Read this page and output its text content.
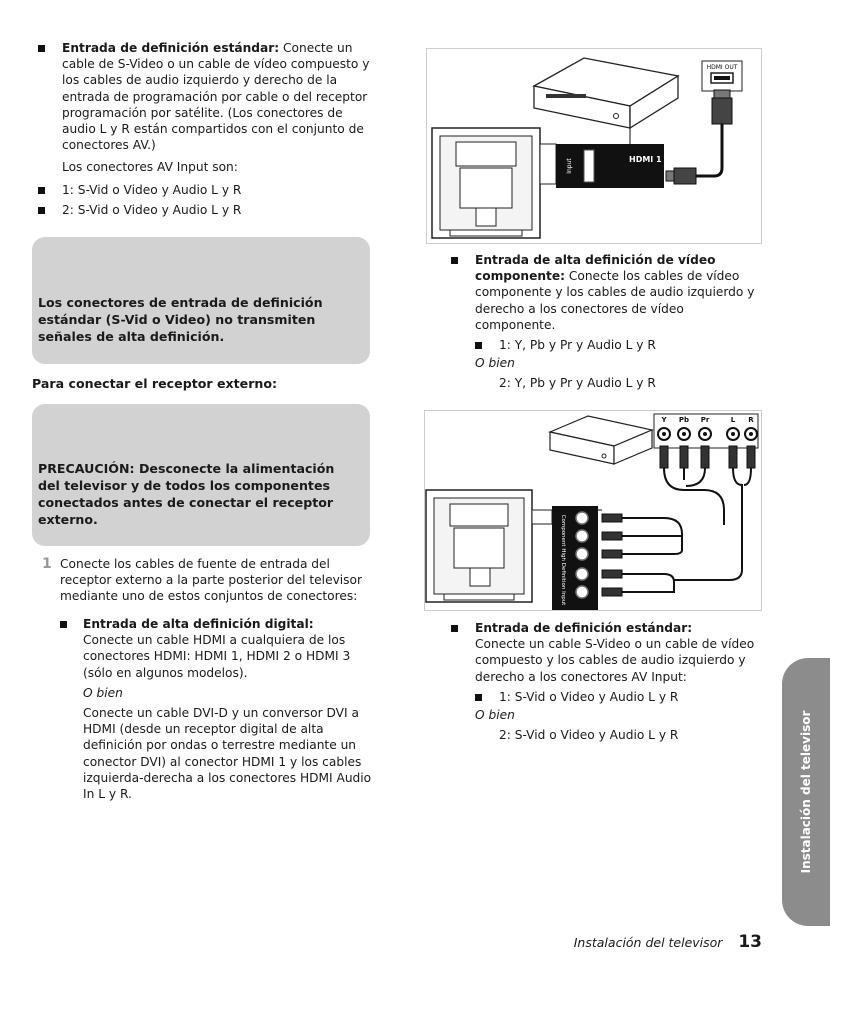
Entrada de definición estándar: Conecte un cable de S-Video o un cable de vídeo compuesto y los cables de audio izquierdo y derecho de la entrada de programación por cable o del receptor programación por satélite. (Los conectores de audio L y R están compartidos con el conjunto de conectores AV.)

Los conectores AV Input son:

1: S-Vid o Video y Audio L y R

2: S-Vid o Video y Audio L y R

Los conectores de entrada de definición estándar (S-Vid o Video) no transmiten señales de alta definición.

Para conectar el receptor externo:

PRECAUCIÓN: Desconecte la alimentación del televisor y de todos los componentes conectados antes de conectar el receptor externo.

1 Conecte los cables de fuente de entrada del receptor externo a la parte posterior del televisor mediante uno de estos conjuntos de conectores:

Entrada de alta definición digital:

Conecte un cable HDMI a cualquiera de los conectores HDMI: HDMI 1, HDMI 2 o HDMI 3 (sólo en algunos modelos).

O bien

Conecte un cable DVI-D y un conversor DVI a HDMI (desde un receptor digital de alta definición por ondas o terrestre mediante un conector DVI) al conector HDMI 1 y los cables izquierda-derecha a los conectores HDMI Audio In L y R.

HDMI OUT
Input	HDMI 1

Entrada de alta definición de vídeo componente: Conecte los cables de vídeo componente y los cables de audio izquierdo y derecho a los conectores de vídeo componente.

1: Y, Pb y Pr y Audio L y R

O bien

2: Y, Pb y Pr y Audio L y R

Y Pb Pr	L R
Component High Definition Input

Entrada de definición estándar:

Conecte un cable S-Video o un cable de vídeo compuesto y los cables de audio izquierdo y derecho a los conectores AV Input:

1: S-Vid o Video y Audio L y R

O bien

2: S-Vid o Video y Audio L y R	Instalación del televisor
Instalación del televisor 13
